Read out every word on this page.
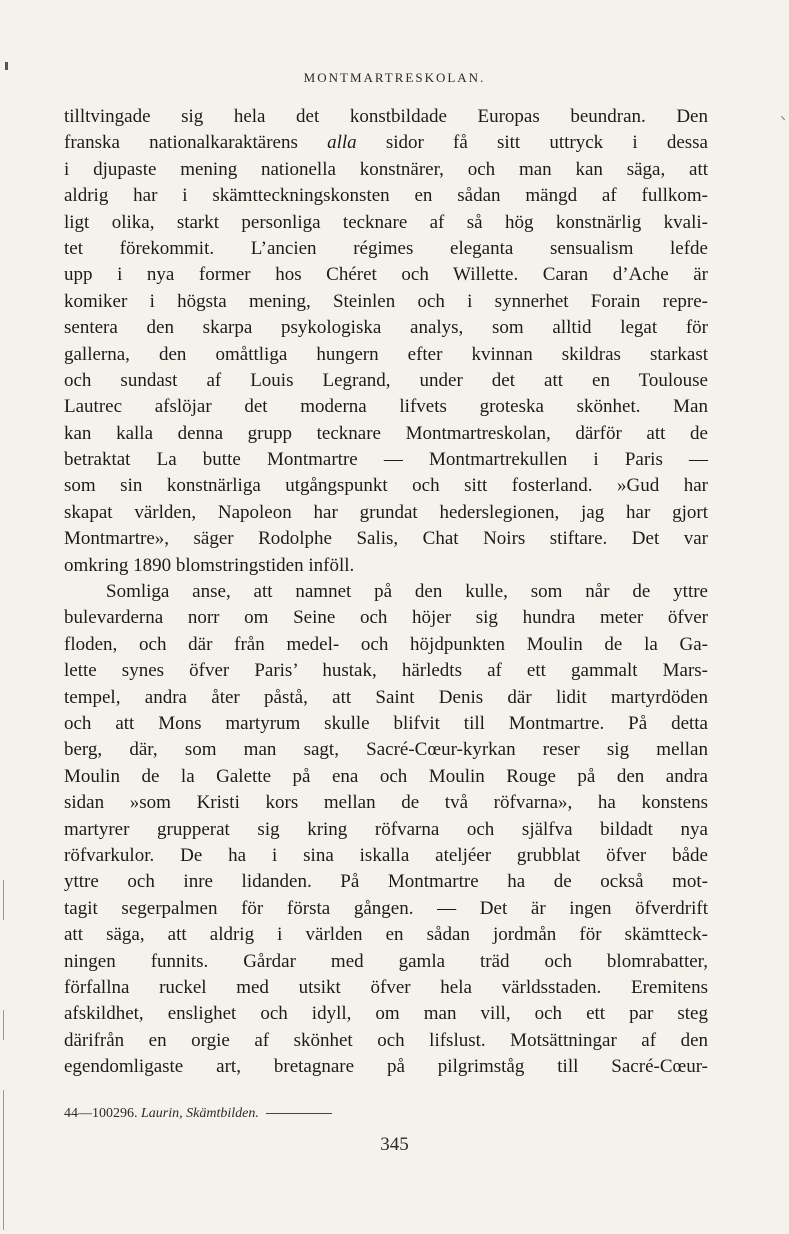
MONTMARTRESKOLAN.
tilltvingade sig hela det konstbildade Europas beundran. Den
franska nationalkaraktärens alla sidor få sitt uttryck i dessa
i djupaste mening nationella konstnärer, och man kan säga, att
aldrig har i skämtteckningskonsten en sådan mängd af fullkom-
ligt olika, starkt personliga tecknare af så hög konstnärlig kvali-
tet förekommit. L’ancien régimes eleganta sensualism lefde
upp i nya former hos Chéret och Willette. Caran d’Ache är
komiker i högsta mening, Steinlen och i synnerhet Forain repre-
sentera den skarpa psykologiska analys, som alltid legat för
gallerna, den omåttliga hungern efter kvinnan skildras starkast
och sundast af Louis Legrand, under det att en Toulouse
Lautrec afslöjar det moderna lifvets groteska skönhet. Man
kan kalla denna grupp tecknare Montmartreskolan, därför att de
betraktat La butte Montmartre — Montmartrekullen i Paris —
som sin konstnärliga utgångspunkt och sitt fosterland. »Gud har
skapat världen, Napoleon har grundat hederslegionen, jag har gjort
Montmartre», säger Rodolphe Salis, Chat Noirs stiftare. Det var
omkring 1890 blomstringstiden inföll.
Somliga anse, att namnet på den kulle, som når de yttre
bulevarderna norr om Seine och höjer sig hundra meter öfver
floden, och där från medel- och höjdpunkten Moulin de la Ga-
lette synes öfver Paris’ hustak, härledts af ett gammalt Mars-
tempel, andra åter påstå, att Saint Denis där lidit martyrdöden
och att Mons martyrum skulle blifvit till Montmartre. På detta
berg, där, som man sagt, Sacré-Cœur-kyrkan reser sig mellan
Moulin de la Galette på ena och Moulin Rouge på den andra
sidan »som Kristi kors mellan de två röfvarna», ha konstens
martyrer grupperat sig kring röfvarna och själfva bildadt nya
röfvarkulor. De ha i sina iskalla ateljéer grubblat öfver både
yttre och inre lidanden. På Montmartre ha de också mot-
tagit segerpalmen för första gången. — Det är ingen öfverdrift
att säga, att aldrig i världen en sådan jordmån för skämtteck-
ningen funnits. Gårdar med gamla träd och blomrabatter,
förfallna ruckel med utsikt öfver hela världsstaden. Eremitens
afskildhet, enslighet och idyll, om man vill, och ett par steg
därifrån en orgie af skönhet och lifslust. Motsättningar af den
egendomligaste art, bretagnare på pilgrimståg till Sacré-Cœur-
44—100296. Laurin, Skämtbilden.
345
